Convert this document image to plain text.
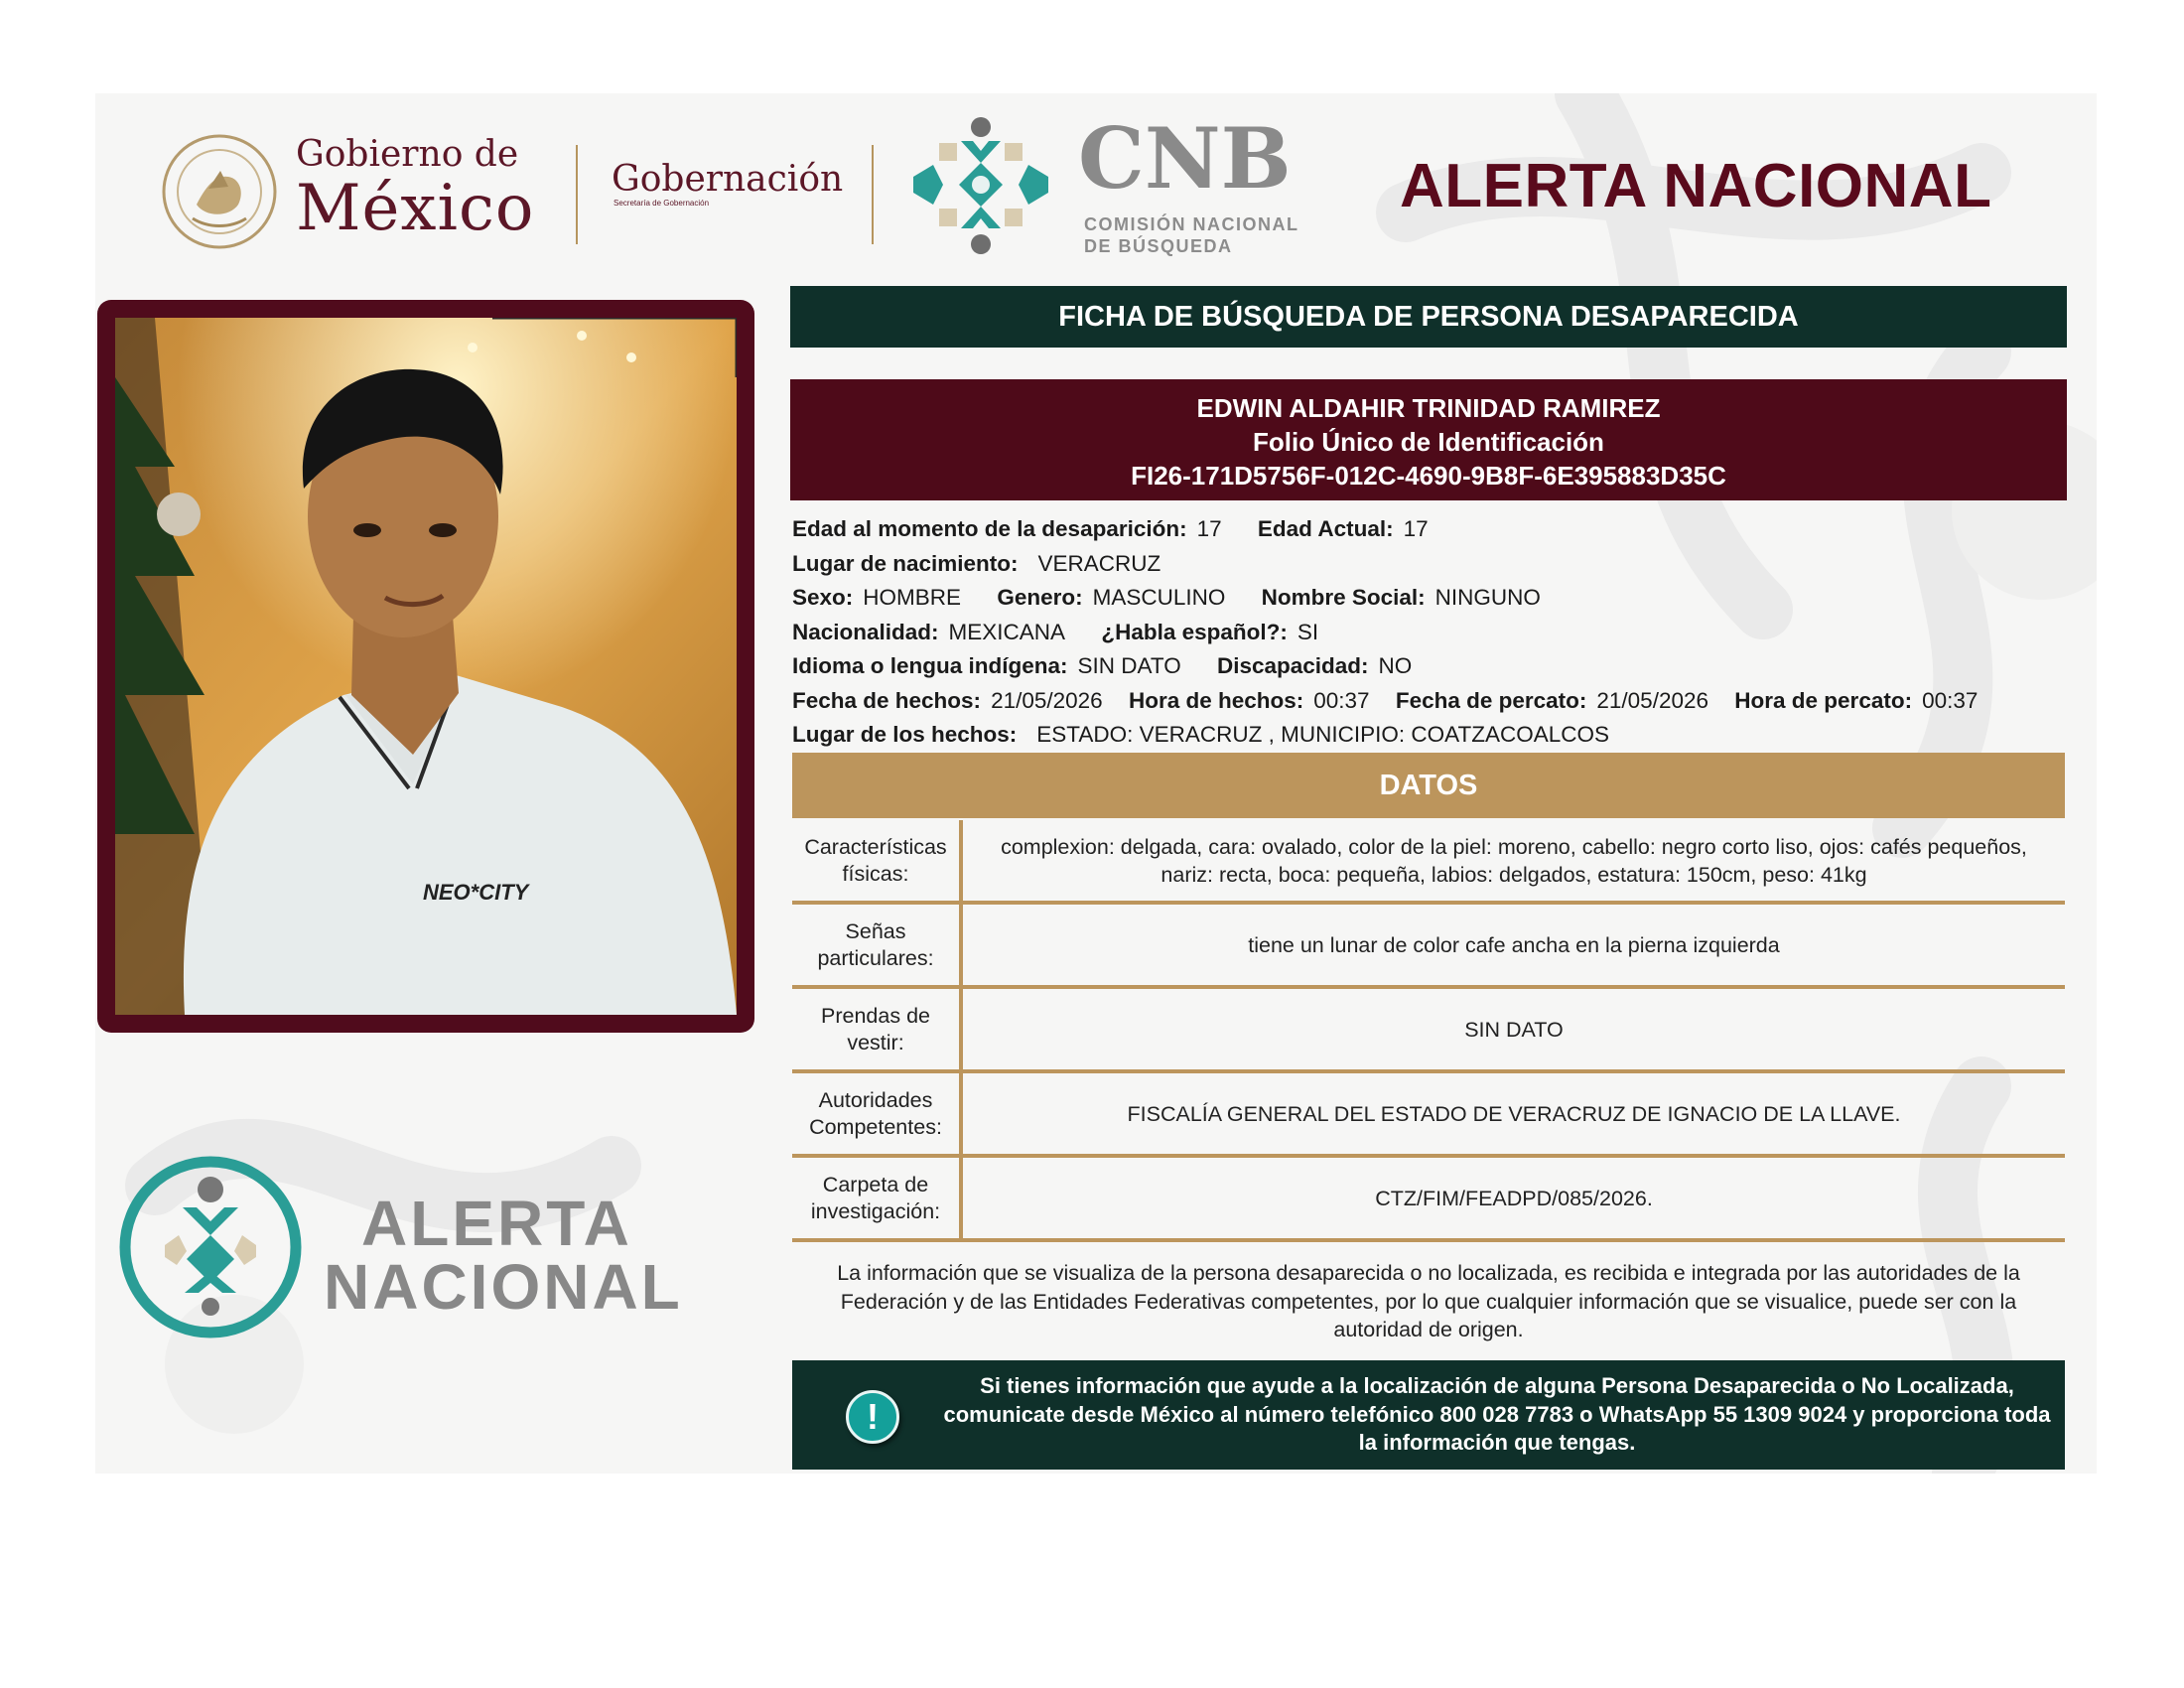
Gobierno de
México	Gobernación
Secretaría de Gobernación	CNB
COMISIÓN NACIONAL
DE BÚSQUEDA
ALERTA NACIONAL
NEO*CITY
FICHA DE BÚSQUEDA DE PERSONA DESAPARECIDA
EDWIN ALDAHIR TRINIDAD RAMIREZ
Folio Único de Identificación
FI26-171D5756F-012C-4690-9B8F-6E395883D35C
Edad al momento de la desaparición: 17 Edad Actual: 17
Lugar de nacimiento: VERACRUZ
Sexo: HOMBRE Genero: MASCULINO Nombre Social: NINGUNO
Nacionalidad: MEXICANA ¿Habla español?: SI
Idioma o lengua indígena: SIN DATO Discapacidad: NO
Fecha de hechos: 21/05/2026 Hora de hechos: 00:37 Fecha de percato: 21/05/2026 Hora de percato: 00:37
Lugar de los hechos: ESTADO: VERACRUZ , MUNICIPIO: COATZACOALCOS
DATOS
Características físicas:
complexion: delgada, cara: ovalado, color de la piel: moreno, cabello: negro corto liso, ojos: cafés pequeños, nariz: recta, boca: pequeña, labios: delgados, estatura: 150cm, peso: 41kg
Señas particulares:
tiene un lunar de color cafe ancha en la pierna izquierda
Prendas de vestir:
SIN DATO
Autoridades Competentes:
FISCALÍA GENERAL DEL ESTADO DE VERACRUZ DE IGNACIO DE LA LLAVE.
Carpeta de investigación:
CTZ/FIM/FEADPD/085/2026.
La información que se visualiza de la persona desaparecida o no localizada, es recibida e integrada por las autoridades de la Federación y de las Entidades Federativas competentes, por lo que cualquier información que se visualice, puede ser con la autoridad de origen.
!
Si tienes información que ayude a la localización de alguna Persona Desaparecida o No Localizada, comunicate desde México al número telefónico 800 028 7783 o WhatsApp 55 1309 9024 y proporciona toda la información que tengas.
ALERTA
NACIONAL
